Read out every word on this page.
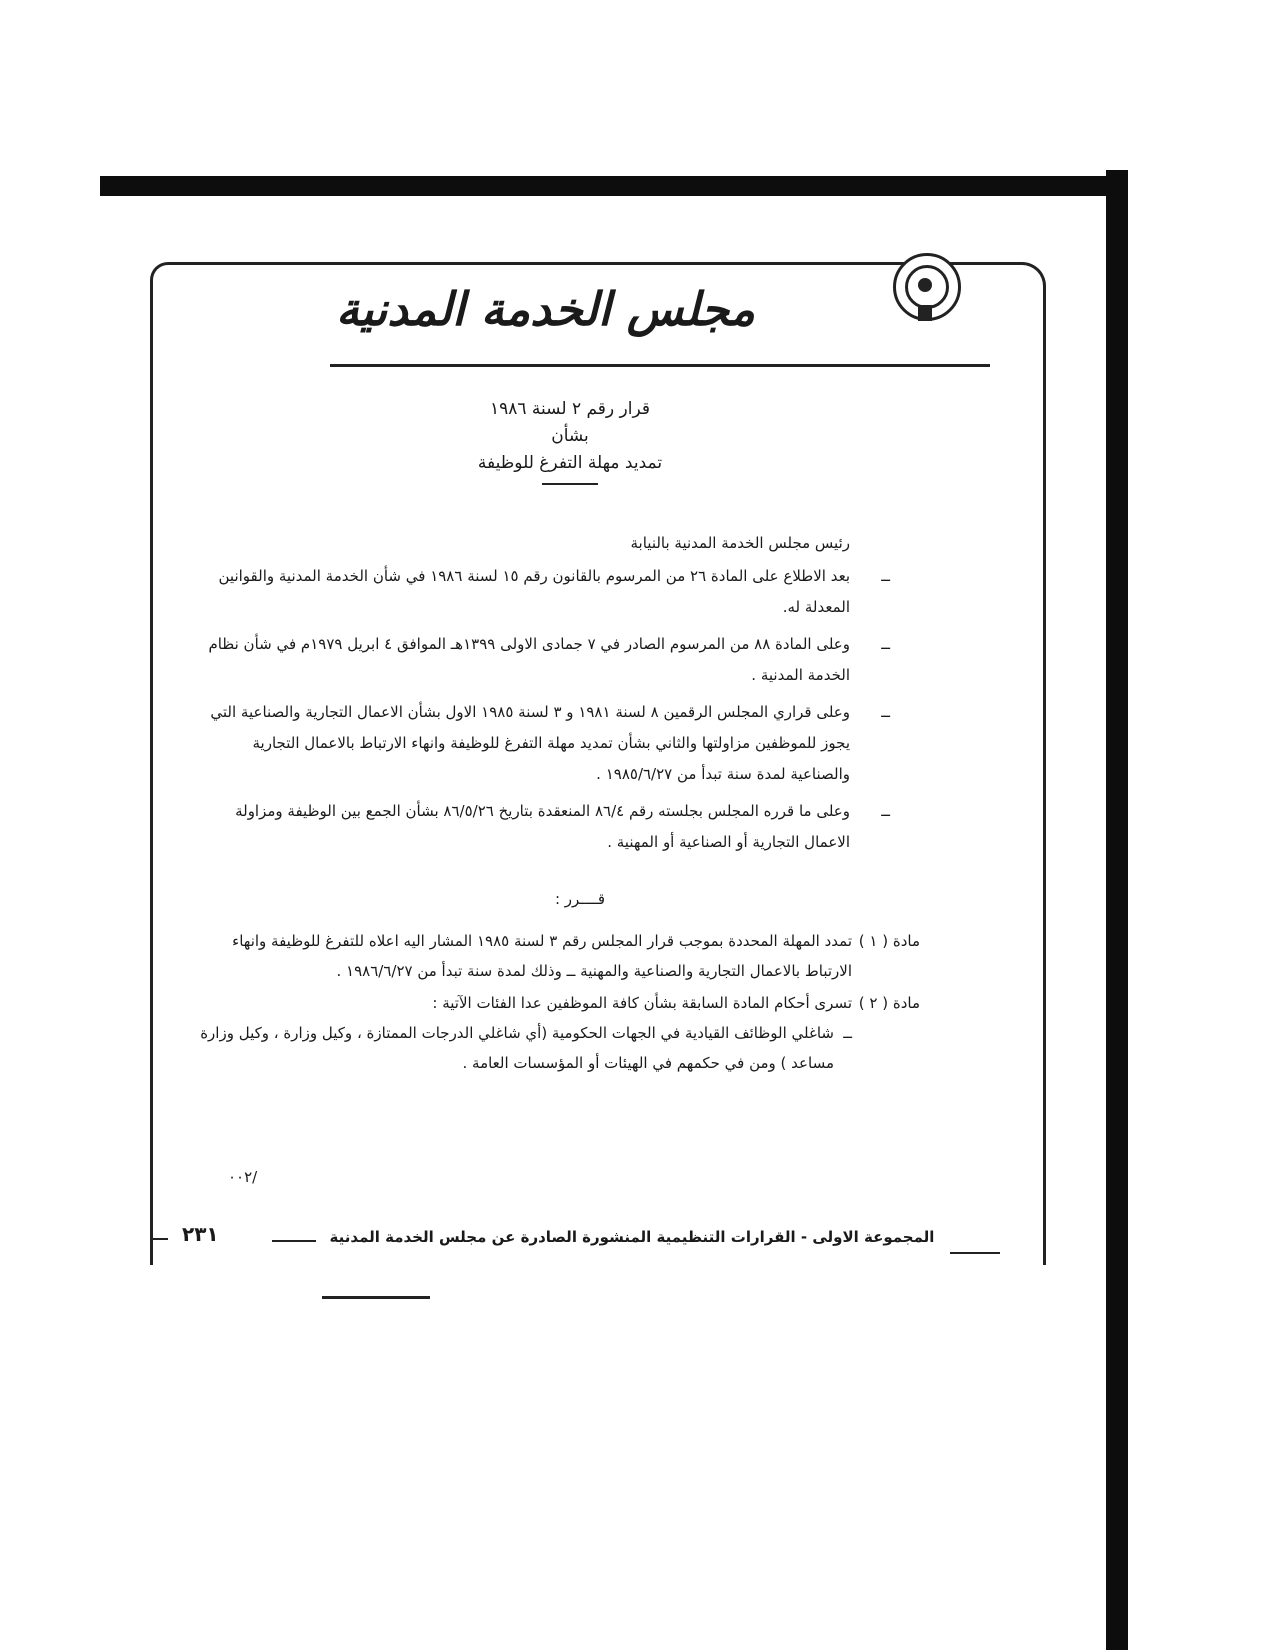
مجلس الخدمة المدنية
قرار رقم ٢ لسنة ١٩٨٦
بشأن
تمديد مهلة التفرغ للوظيفة
رئيس مجلس الخدمة المدنية بالنيابة
ــ
بعد الاطلاع على المادة ٢٦ من المرسوم بالقانون رقم ١٥ لسنة ١٩٨٦ في شأن الخدمة المدنية والقوانين المعدلة له.
ــ
وعلى المادة ٨٨ من المرسوم الصادر في ٧ جمادى الاولى ١٣٩٩هـ الموافق ٤ ابريل ١٩٧٩م في شأن نظام الخدمة المدنية .
ــ
وعلى قراري المجلس الرقمين ٨ لسنة ١٩٨١ و ٣ لسنة ١٩٨٥ الاول بشأن الاعمال التجارية والصناعية التي يجوز للموظفين مزاولتها والثاني بشأن تمديد مهلة التفرغ للوظيفة وانهاء الارتباط بالاعمال التجارية والصناعية لمدة سنة تبدأ من ١٩٨٥/٦/٢٧ .
ــ
وعلى ما قرره المجلس بجلسته رقم ٨٦/٤ المنعقدة بتاريخ ٨٦/٥/٢٦ بشأن الجمع بين الوظيفة ومزاولة الاعمال التجارية أو الصناعية أو المهنية .
قــــرر :
مادة ( ١ )
تمدد المهلة المحددة بموجب قرار المجلس رقم ٣ لسنة ١٩٨٥ المشار اليه اعلاه للتفرغ للوظيفة وانهاء الارتباط بالاعمال التجارية والصناعية والمهنية ــ وذلك لمدة سنة تبدأ من ١٩٨٦/٦/٢٧ .
مادة ( ٢ )
تسرى أحكام المادة السابقة بشأن كافة الموظفين عدا الفئات الآتية :
ــ
شاغلي الوظائف القيادية في الجهات الحكومية (أي شاغلي الدرجات الممتازة ، وكيل وزارة ، وكيل وزارة مساعد ) ومن في حكمهم في الهيئات أو المؤسسات العامة .
٠٠٢/
٢٣١	المجموعة الاولى - القرارات التنظيمية المنشورة الصادرة عن مجلس الخدمة المدنية
